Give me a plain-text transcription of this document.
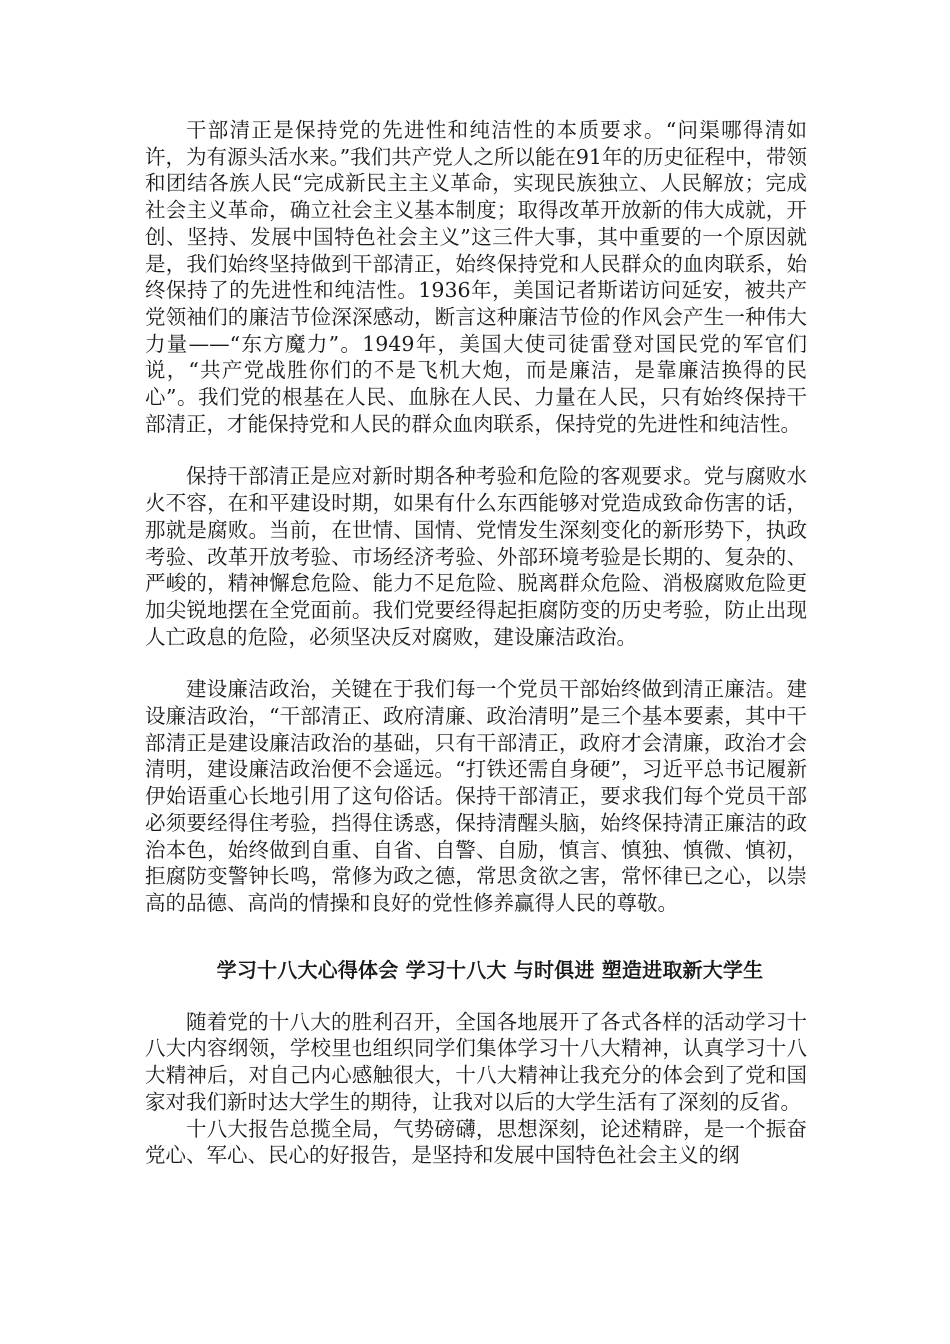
干部清正是保持党的先进性和纯洁性的本质要求。“问渠哪得清如许，为有源头活水来。”我们共产党人之所以能在91年的历史征程中，带领和团结各族人民“完成新民主主义革命，实现民族独立、人民解放；完成社会主义革命，确立社会主义基本制度；取得改革开放新的伟大成就，开创、坚持、发展中国特色社会主义”这三件大事，其中重要的一个原因就是，我们始终坚持做到干部清正，始终保持党和人民群众的血肉联系，始终保持了的先进性和纯洁性。1936年，美国记者斯诺访问延安，被共产党领袖们的廉洁节俭深深感动，断言这种廉洁节俭的作风会产生一种伟大力量——“东方魔力”。1949年，美国大使司徒雷登对国民党的军官们说，“共产党战胜你们的不是飞机大炮，而是廉洁，是靠廉洁换得的民心”。我们党的根基在人民、血脉在人民、力量在人民，只有始终保持干部清正，才能保持党和人民的群众血肉联系，保持党的先进性和纯洁性。

保持干部清正是应对新时期各种考验和危险的客观要求。党与腐败水火不容，在和平建设时期，如果有什么东西能够对党造成致命伤害的话，那就是腐败。当前，在世情、国情、党情发生深刻变化的新形势下，执政考验、改革开放考验、市场经济考验、外部环境考验是长期的、复杂的、严峻的，精神懈怠危险、能力不足危险、脱离群众危险、消极腐败危险更加尖锐地摆在全党面前。我们党要经得起拒腐防变的历史考验，防止出现人亡政息的危险，必须坚决反对腐败，建设廉洁政治。

建设廉洁政治，关键在于我们每一个党员干部始终做到清正廉洁。建设廉洁政治，“干部清正、政府清廉、政治清明”是三个基本要素，其中干部清正是建设廉洁政治的基础，只有干部清正，政府才会清廉，政治才会清明，建设廉洁政治便不会遥远。“打铁还需自身硬”，习近平总书记履新伊始语重心长地引用了这句俗话。保持干部清正，要求我们每个党员干部必须要经得住考验，挡得住诱惑，保持清醒头脑，始终保持清正廉洁的政治本色，始终做到自重、自省、自警、自励，慎言、慎独、慎微、慎初，拒腐防变警钟长鸣，常修为政之德，常思贪欲之害，常怀律已之心，以崇高的品德、高尚的情操和良好的党性修养赢得人民的尊敬。

学习十八大心得体会 学习十八大 与时俱进 塑造进取新大学生

随着党的十八大的胜利召开，全国各地展开了各式各样的活动学习十八大内容纲领，学校里也组织同学们集体学习十八大精神，认真学习十八大精神后，对自己内心感触很大，十八大精神让我充分的体会到了党和国家对我们新时达大学生的期待，让我对以后的大学生活有了深刻的反省。

十八大报告总揽全局，气势磅礴，思想深刻，论述精辟，是一个振奋党心、军心、民心的好报告，是坚持和发展中国特色社会主义的纲
